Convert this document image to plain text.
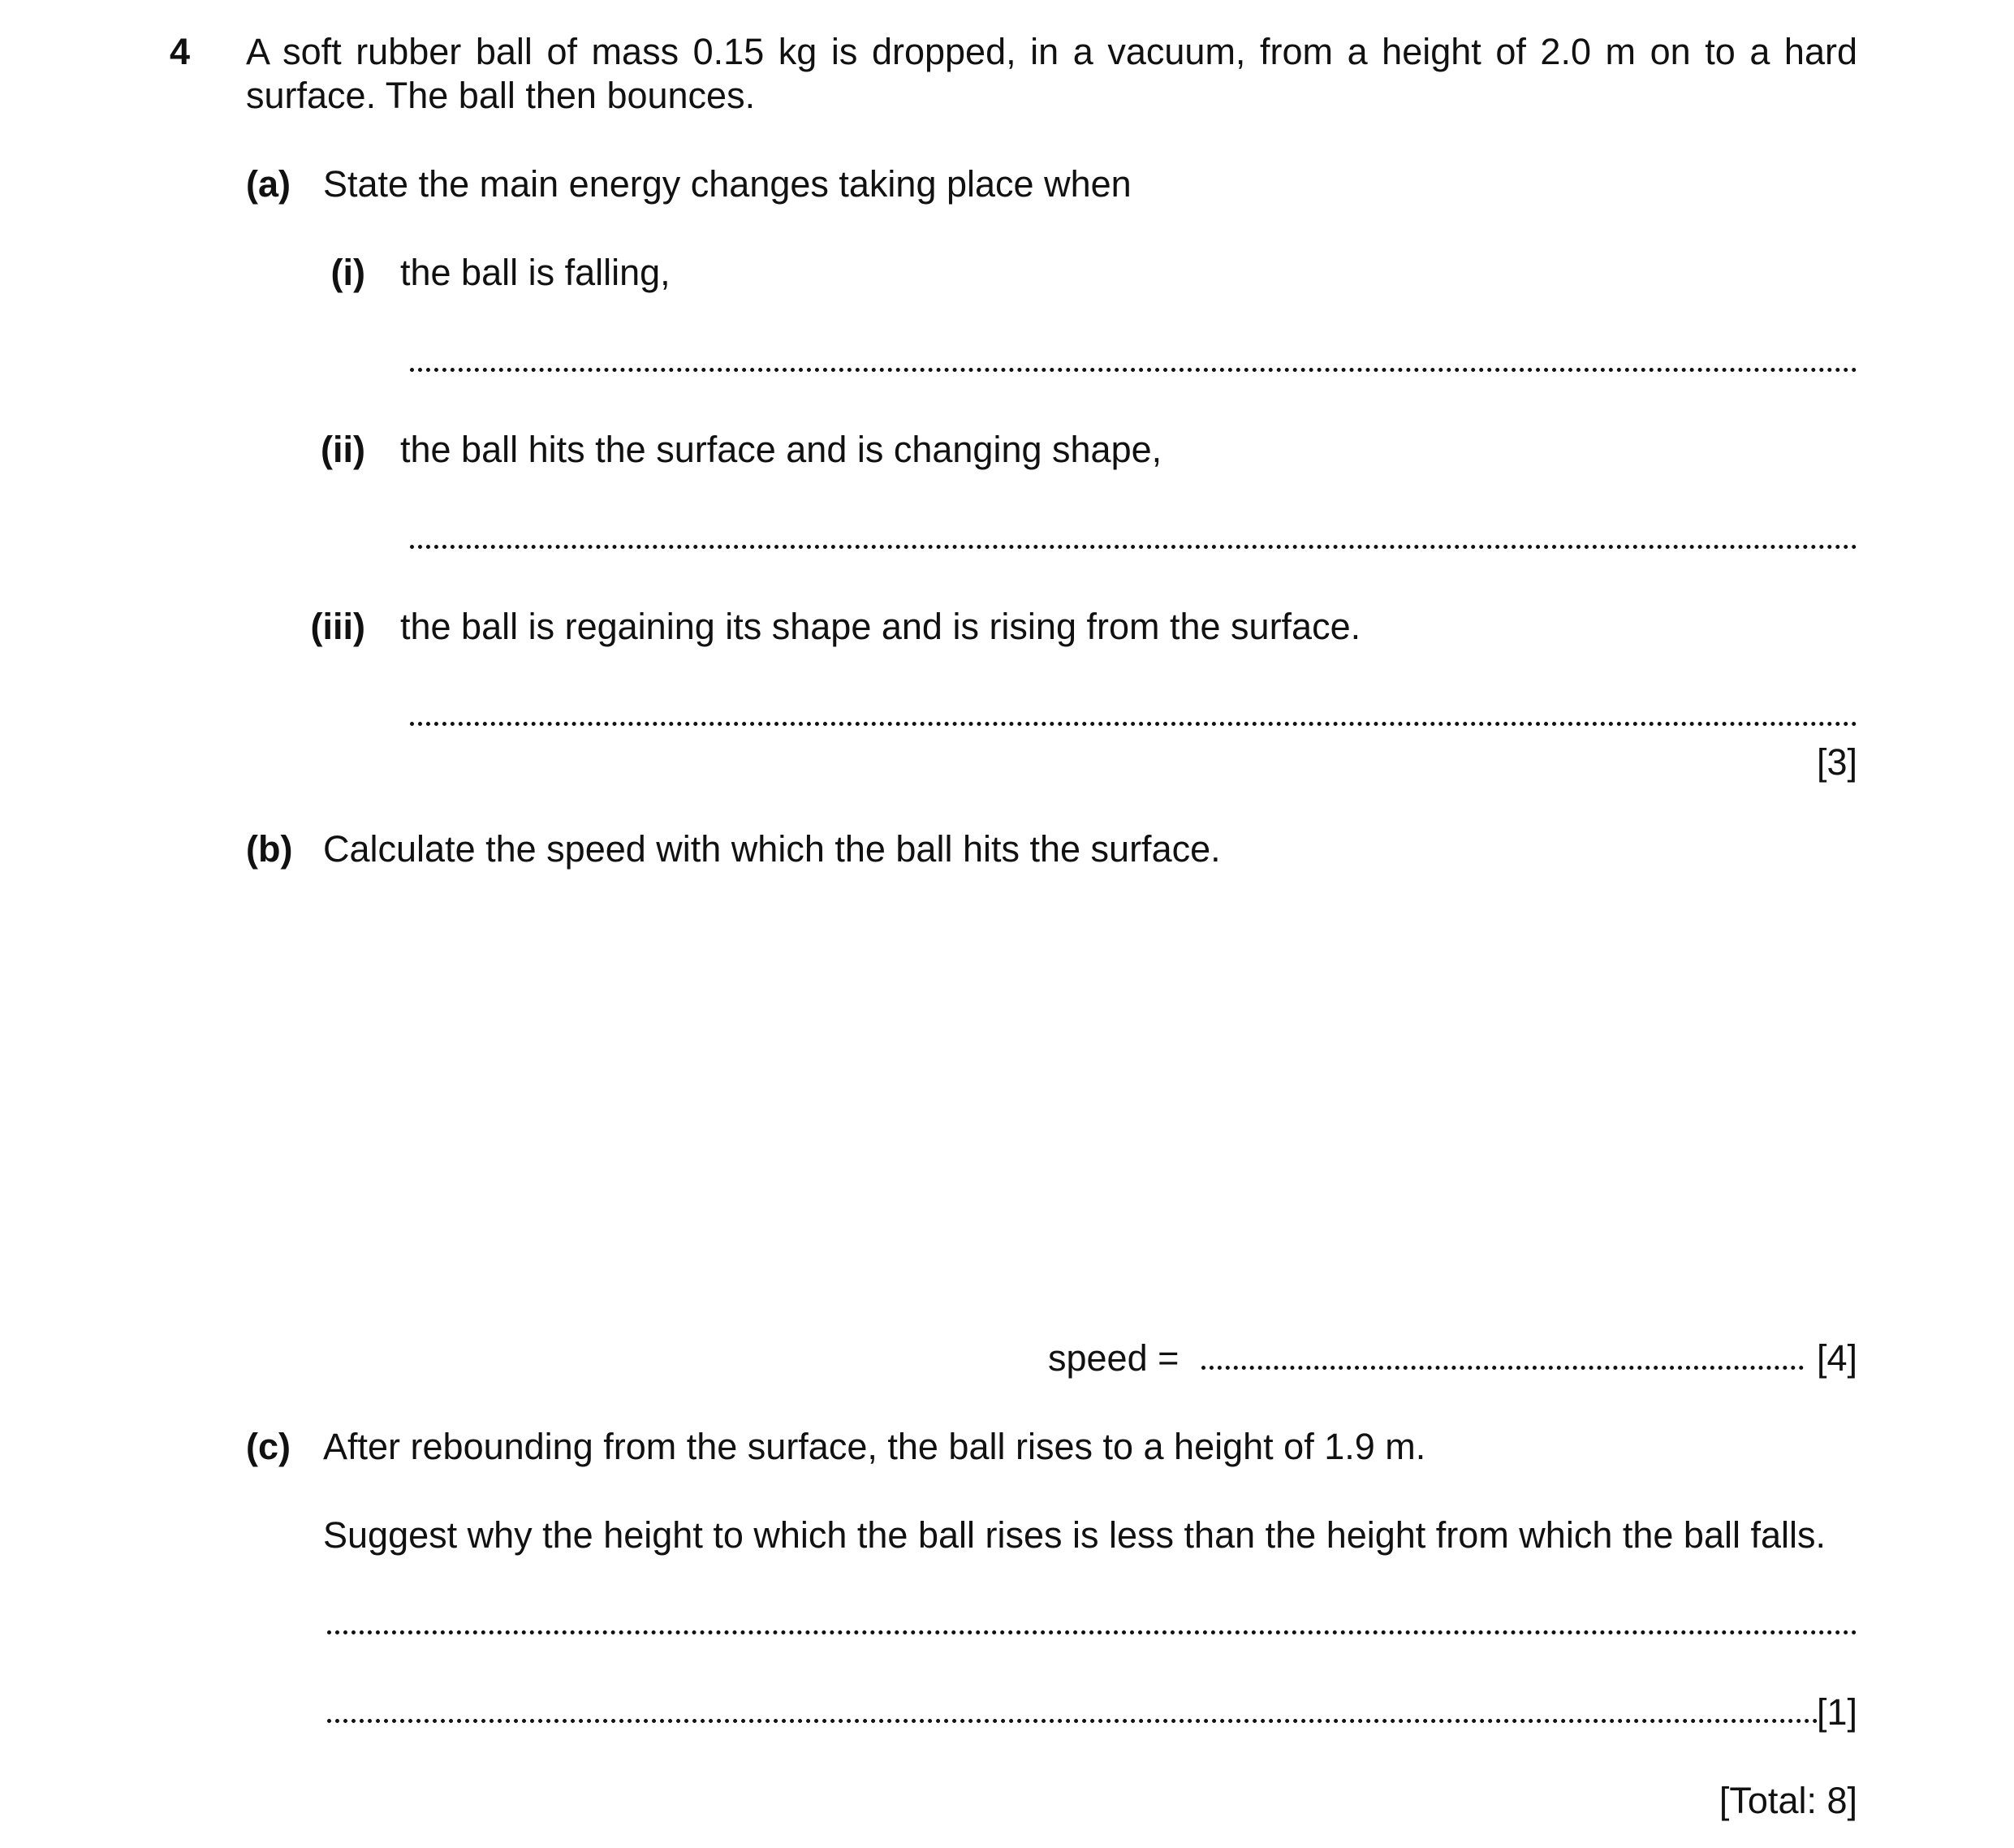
4 A soft rubber ball of mass 0.15 kg is dropped, in a vacuum, from a height of 2.0 m on to a hard
surface. The ball then bounces.
(a) State the main energy changes taking place when
(i) the ball is falling,
(ii) the ball hits the surface and is changing shape,
(iii) the ball is regaining its shape and is rising from the surface.
[3]
(b) Calculate the speed with which the ball hits the surface.
speed =	[4]
(c) After rebounding from the surface, the ball rises to a height of 1.9 m.
Suggest why the height to which the ball rises is less than the height from which the ball falls.
[1]
[Total: 8]
